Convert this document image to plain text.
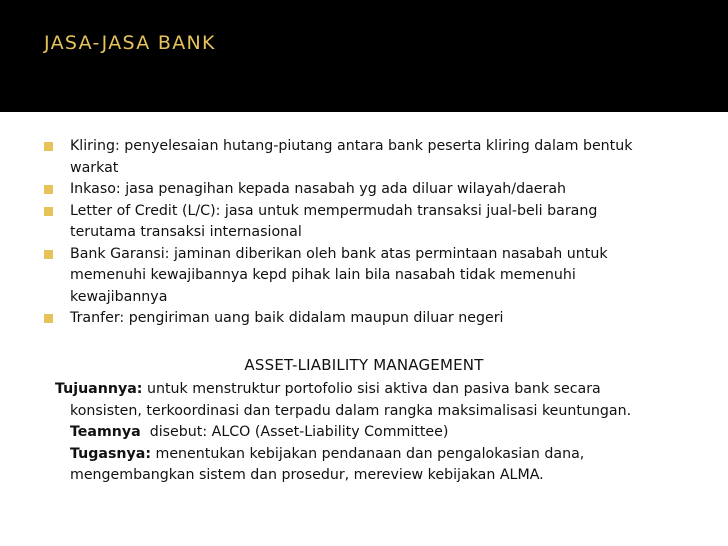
JASA-JASA BANK
Kliring: penyelesaian hutang-piutang antara bank peserta kliring dalam bentuk
warkat
Inkaso: jasa penagihan kepada nasabah yg ada diluar wilayah/daerah
Letter of Credit (L/C): jasa untuk mempermudah transaksi jual-beli barang
terutama transaksi internasional
Bank Garansi: jaminan diberikan oleh bank atas permintaan nasabah untuk
memenuhi kewajibannya kepd pihak lain bila nasabah tidak memenuhi
kewajibannya
Tranfer: pengiriman uang baik didalam maupun diluar negeri
ASSET-LIABILITY MANAGEMENT

Tujuannya: untuk menstruktur portofolio sisi aktiva dan pasiva bank secara
konsisten, terkoordinasi dan terpadu dalam rangka maksimalisasi keuntungan.

Teamnya  disebut: ALCO (Asset-Liability Committee)

Tugasnya: menentukan kebijakan pendanaan dan pengalokasian dana,
mengembangkan sistem dan prosedur, mereview kebijakan ALMA.
